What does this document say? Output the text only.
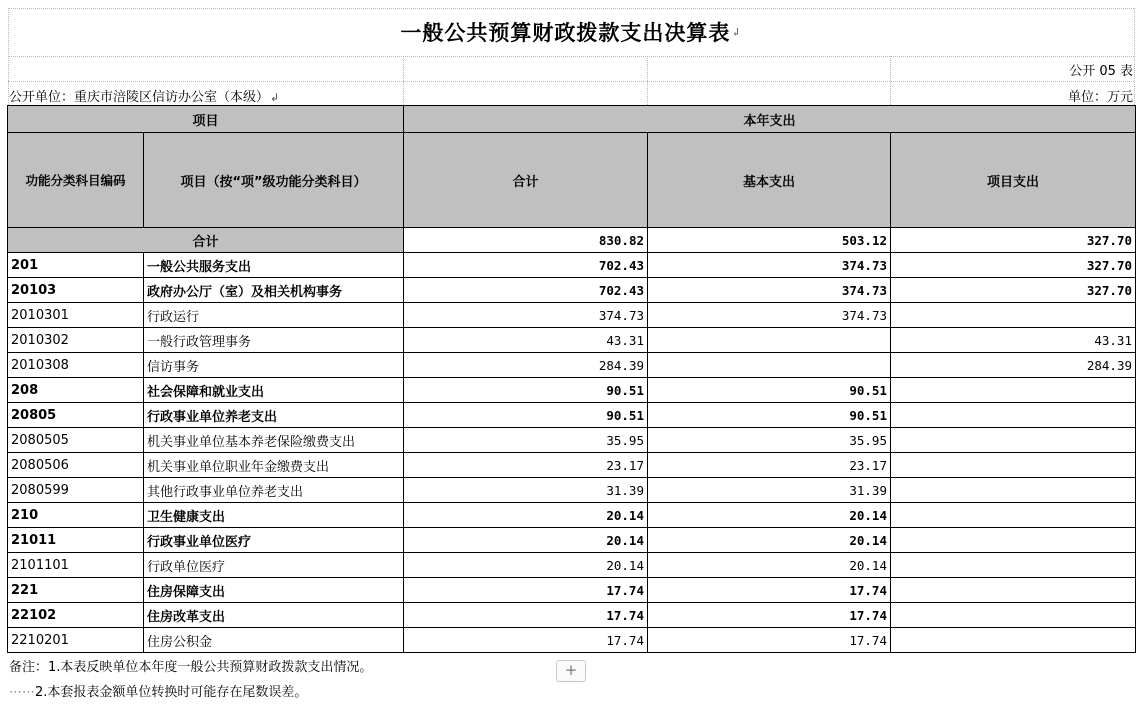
一般公共预算财政拨款支出决算表 ↲
公开 05 表
公开单位：重庆市涪陵区信访办公室（本级）↲	单位：万元
项目		本年支出		
功能分类科目编码	项目（按“项”级功能分类科目）	合计	基本支出	项目支出
合计		830.82	503.12	327.70
201	一般公共服务支出	702.43	374.73	327.70
20103	政府办公厅（室）及相关机构事务	702.43	374.73	327.70
2010301	行政运行	374.73	374.73	
2010302	一般行政管理事务	43.31		43.31
2010308	信访事务	284.39		284.39
208	社会保障和就业支出	90.51	90.51	
20805	行政事业单位养老支出	90.51	90.51	
2080505	机关事业单位基本养老保险缴费支出	35.95	35.95	
2080506	机关事业单位职业年金缴费支出	23.17	23.17	
2080599	其他行政事业单位养老支出	31.39	31.39	
210	卫生健康支出	20.14	20.14	
21011	行政事业单位医疗	20.14	20.14	
2101101	行政单位医疗	20.14	20.14	
221	住房保障支出	17.74	17.74	
22102	住房改革支出	17.74	17.74	
2210201	住房公积金	17.74	17.74	
备注：1.本表反映单位本年度一般公共预算财政拨款支出情况。
⋯⋯2.本套报表金额单位转换时可能存在尾数误差。
+
